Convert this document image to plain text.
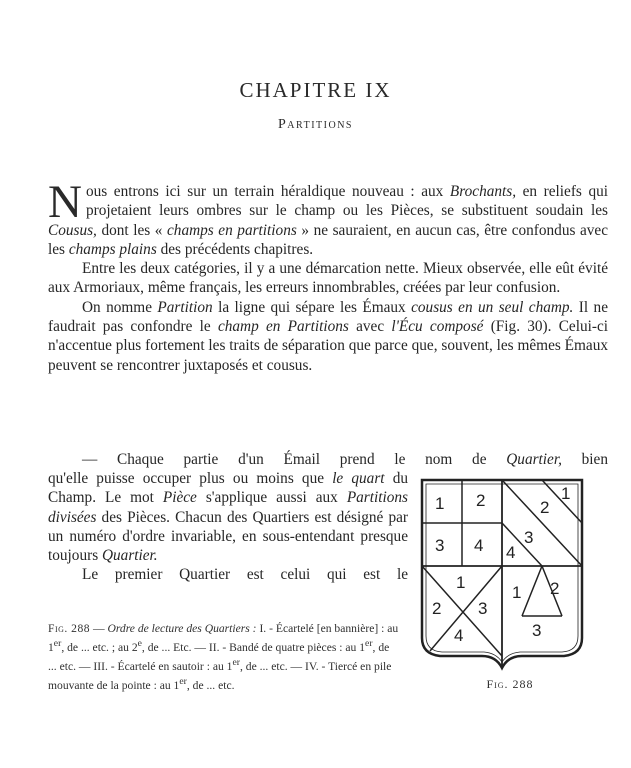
CHAPITRE IX
Partitions

Nous entrons ici sur un terrain héraldique nouveau : aux Brochants, en reliefs qui projetaient leurs ombres sur le champ ou les Pièces, se substituent soudain les Cousus, dont les « champs en partitions » ne sauraient, en aucun cas, être confondus avec les champs plains des précédents chapitres.

Entre les deux catégories, il y a une démarcation nette. Mieux observée, elle eût évité aux Armoriaux, même français, les erreurs innombrables, créées par leur confusion.

On nomme Partition la ligne qui sépare les Émaux cousus en un seul champ. Il ne faudrait pas confondre le champ en Partitions avec l'Écu composé (Fig. 30). Celui-ci n'accentue plus fortement les traits de séparation que parce que, souvent, les mêmes Émaux peuvent se rencontrer juxtaposés et cousus.

— Chaque partie d'un Émail prend le nom de Quartier, bien

qu'elle puisse occuper plus ou moins que le quart du Champ. Le mot Pièce s'applique aussi aux Partitions divisées des Pièces. Chacun des Quartiers est désigné par un numéro d'ordre invariable, en sous-entendant presque toujours Quartier.

Le premier Quartier est celui qui est le

Fig. 288 — Ordre de lecture des Quartiers : I. - Écartelé [en bannière] : au 1er, de ... etc. ; au 2e, de ... Etc. — II. - Bandé de quatre pièces : au 1er, de ... etc. — III. - Écartelé en sautoir : au 1er, de ... etc. — IV. - Tiercé en pile mouvante de la pointe : au 1er, de ... etc.
1 2
3 4
1
2
3
4
1
2 3
4
1 2
3
Fig. 288
